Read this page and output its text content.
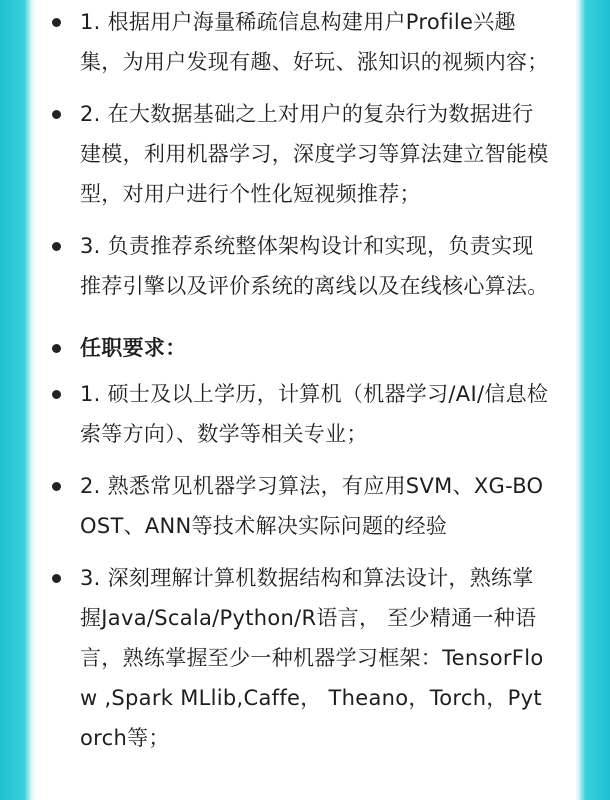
1. 根据用户海量稀疏信息构建用户Profile兴趣集，为用户发现有趣、好玩、涨知识的视频内容；
2. 在大数据基础之上对用户的复杂行为数据进行建模，利用机器学习，深度学习等算法建立智能模型，对用户进行个性化短视频推荐；
3. 负责推荐系统整体架构设计和实现，负责实现推荐引擎以及评价系统的离线以及在线核心算法。
任职要求：
1. 硕士及以上学历，计算机（机器学习/AI/信息检索等方向）、数学等相关专业；
2. 熟悉常见机器学习算法，有应用SVM、XG-BOOST、ANN等技术解决实际问题的经验
3. 深刻理解计算机数据结构和算法设计，熟练掌握Java/Scala/Python/R语言， 至少精通一种语言，熟练掌握至少一种机器学习框架：TensorFlow ,Spark MLlib,Caffe， Theano，Torch，Pytorch等；
